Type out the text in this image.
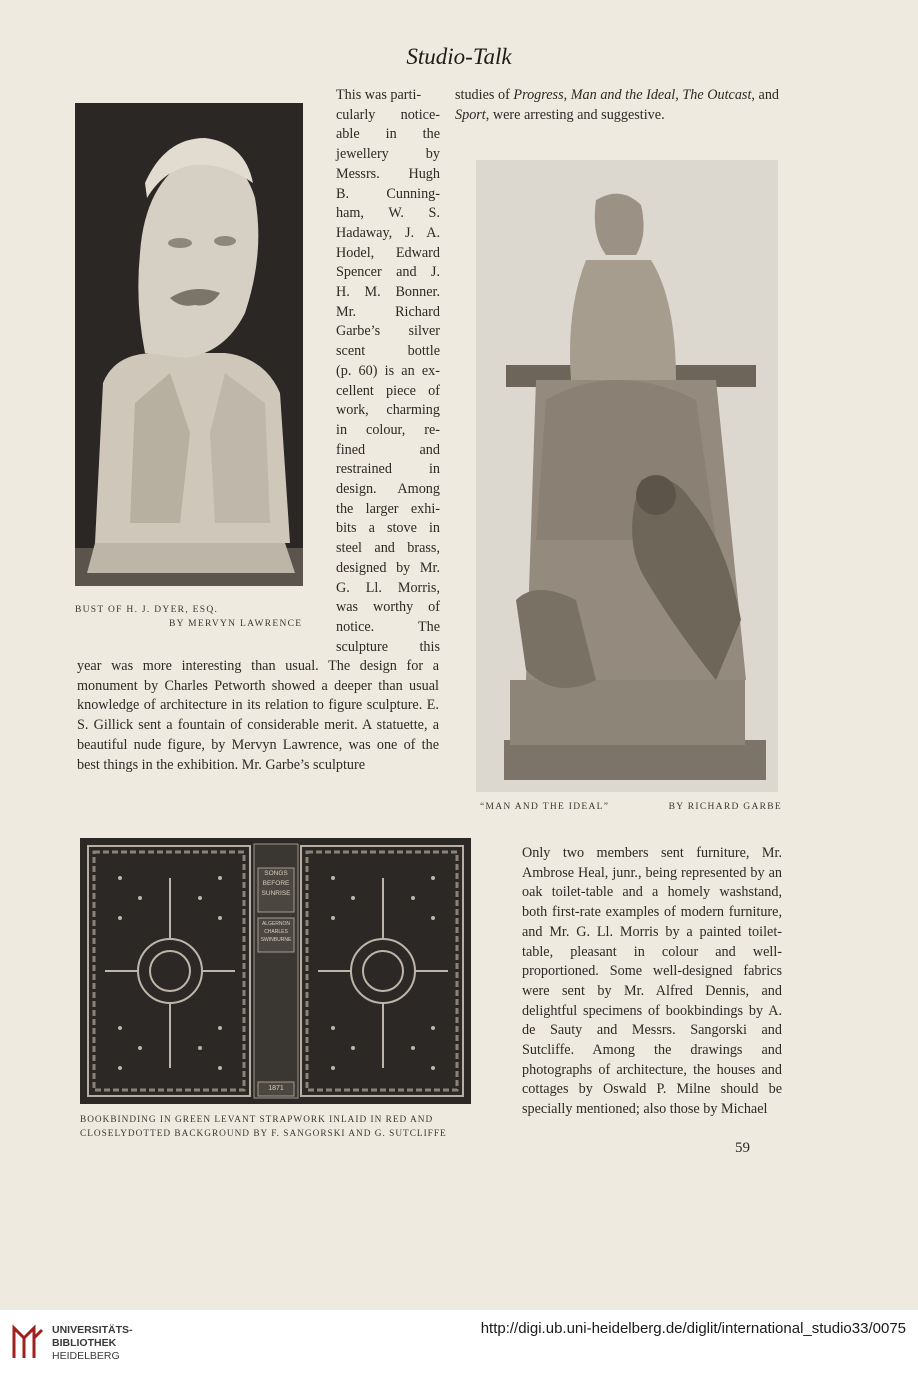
Studio-Talk
BUST OF H. J. DYER, ESQ.
BY MERVYN LAWRENCE
This was parti-
cularly notice-
able in the
jewellery by
Messrs. Hugh
B. Cunning-
ham, W. S.
Hadaway, J. A.
Hodel, Edward
Spencer and J.
H. M. Bonner.
Mr. Richard
Garbe’s silver
scent bottle
(p. 60) is an ex-
cellent piece of
work, charming
in colour, re-
fined and
restrained in
design. Among
the larger exhi-
bits a stove in
steel and brass,
designed by Mr.
G. Ll. Morris,
was worthy of
notice. The
sculpture this

year was more interesting than usual. The design for a monument by Charles Petworth showed a deeper than usual knowledge of architecture in its relation to figure sculpture. E. S. Gillick sent a fountain of considerable merit. A statuette, a beautiful nude figure, by Mervyn Lawrence, was one of the best things in the exhibition. Mr. Garbe’s sculpture

studies of Progress, Man and the Ideal, The Outcast, and Sport, were arresting and suggestive.

“MAN AND THE IDEAL”	BY RICHARD GARBE
SONGS BEFORE SUNRISE
ALGERNON CHARLES SWINBURNE
1871
BOOKBINDING IN GREEN LEVANT STRAPWORK INLAID IN RED AND
CLOSELYDOTTED BACKGROUND BY F. SANGORSKI AND G. SUTCLIFFE

Only two members sent furniture, Mr. Ambrose Heal, junr., being represented by an oak toilet-table and a homely washstand, both first-rate examples of modern furniture, and Mr. G. Ll. Morris by a painted toilet-table, pleasant in colour and well-proportioned. Some well-designed fabrics were sent by Mr. Alfred Dennis, and delightful specimens of bookbindings by A. de Sauty and Messrs. Sangorski and Sutcliffe. Among the drawings and photographs of architecture, the houses and cottages by Oswald P. Milne should be specially mentioned; also those by Michael

59
UNIVERSITÄTS-
BIBLIOTHEK
HEIDELBERG
http://digi.ub.uni-heidelberg.de/diglit/international_studio33/0075
